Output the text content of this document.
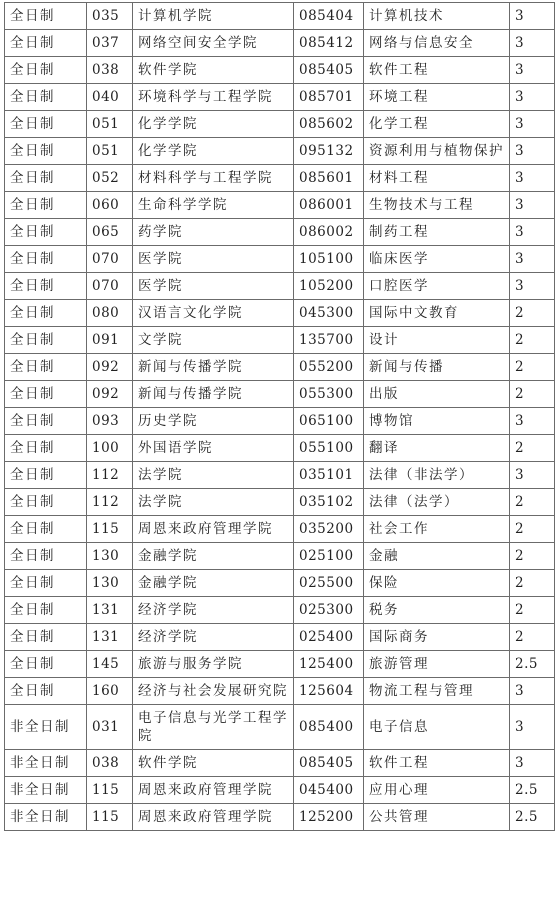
全日制	035	计算机学院	085404	计算机技术	3
全日制	037	网络空间安全学院	085412	网络与信息安全	3
全日制	038	软件学院	085405	软件工程	3
全日制	040	环境科学与工程学院	085701	环境工程	3
全日制	051	化学学院	085602	化学工程	3
全日制	051	化学学院	095132	资源利用与植物保护	3
全日制	052	材料科学与工程学院	085601	材料工程	3
全日制	060	生命科学学院	086001	生物技术与工程	3
全日制	065	药学院	086002	制药工程	3
全日制	070	医学院	105100	临床医学	3
全日制	070	医学院	105200	口腔医学	3
全日制	080	汉语言文化学院	045300	国际中文教育	2
全日制	091	文学院	135700	设计	2
全日制	092	新闻与传播学院	055200	新闻与传播	2
全日制	092	新闻与传播学院	055300	出版	2
全日制	093	历史学院	065100	博物馆	3
全日制	100	外国语学院	055100	翻译	2
全日制	112	法学院	035101	法律（非法学）	3
全日制	112	法学院	035102	法律（法学）	2
全日制	115	周恩来政府管理学院	035200	社会工作	2
全日制	130	金融学院	025100	金融	2
全日制	130	金融学院	025500	保险	2
全日制	131	经济学院	025300	税务	2
全日制	131	经济学院	025400	国际商务	2
全日制	145	旅游与服务学院	125400	旅游管理	2.5
全日制	160	经济与社会发展研究院	125604	物流工程与管理	3
非全日制	031	电子信息与光学工程学院	085400	电子信息	3
非全日制	038	软件学院	085405	软件工程	3
非全日制	115	周恩来政府管理学院	045400	应用心理	2.5
非全日制	115	周恩来政府管理学院	125200	公共管理	2.5
